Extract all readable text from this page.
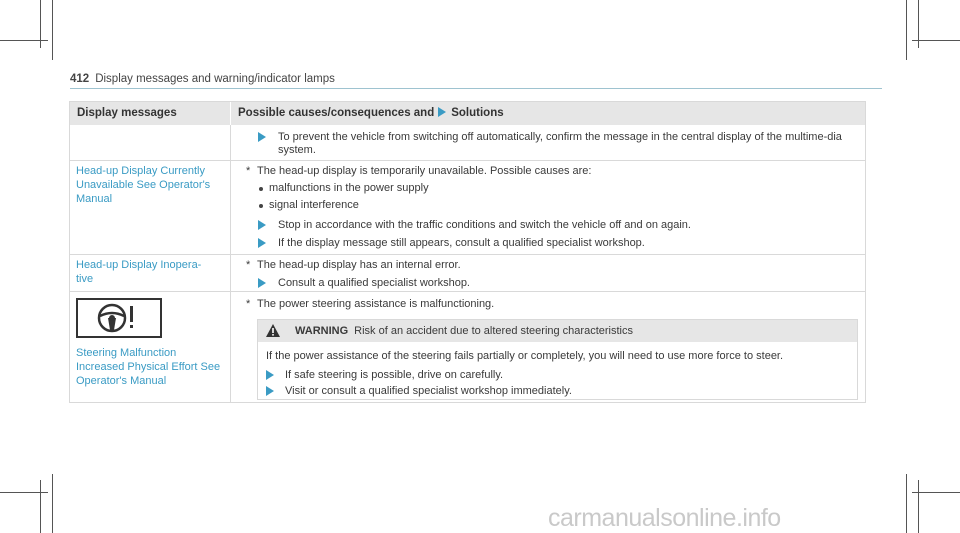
412 Display messages and warning/indicator lamps
Display messages	Possible causes/consequences and Solutions
To prevent the vehicle from switching off automatically, confirm the message in the central display of the multime-dia system.
Head-up Display Currently Unavailable See Operator's Manual
* The head-up display is temporarily unavailable. Possible causes are:
malfunctions in the power supply
signal interference
Stop in accordance with the traffic conditions and switch the vehicle off and on again.
If the display message still appears, consult a qualified specialist workshop.
Head-up Display Inopera-tive
* The head-up display has an internal error.
Consult a qualified specialist workshop.
Steering Malfunction Increased Physical Effort See Operator's Manual
* The power steering assistance is malfunctioning.
WARNING Risk of an accident due to altered steering characteristics
If the power assistance of the steering fails partially or completely, you will need to use more force to steer.
If safe steering is possible, drive on carefully.
Visit or consult a qualified specialist workshop immediately.
carmanualsonline.info
